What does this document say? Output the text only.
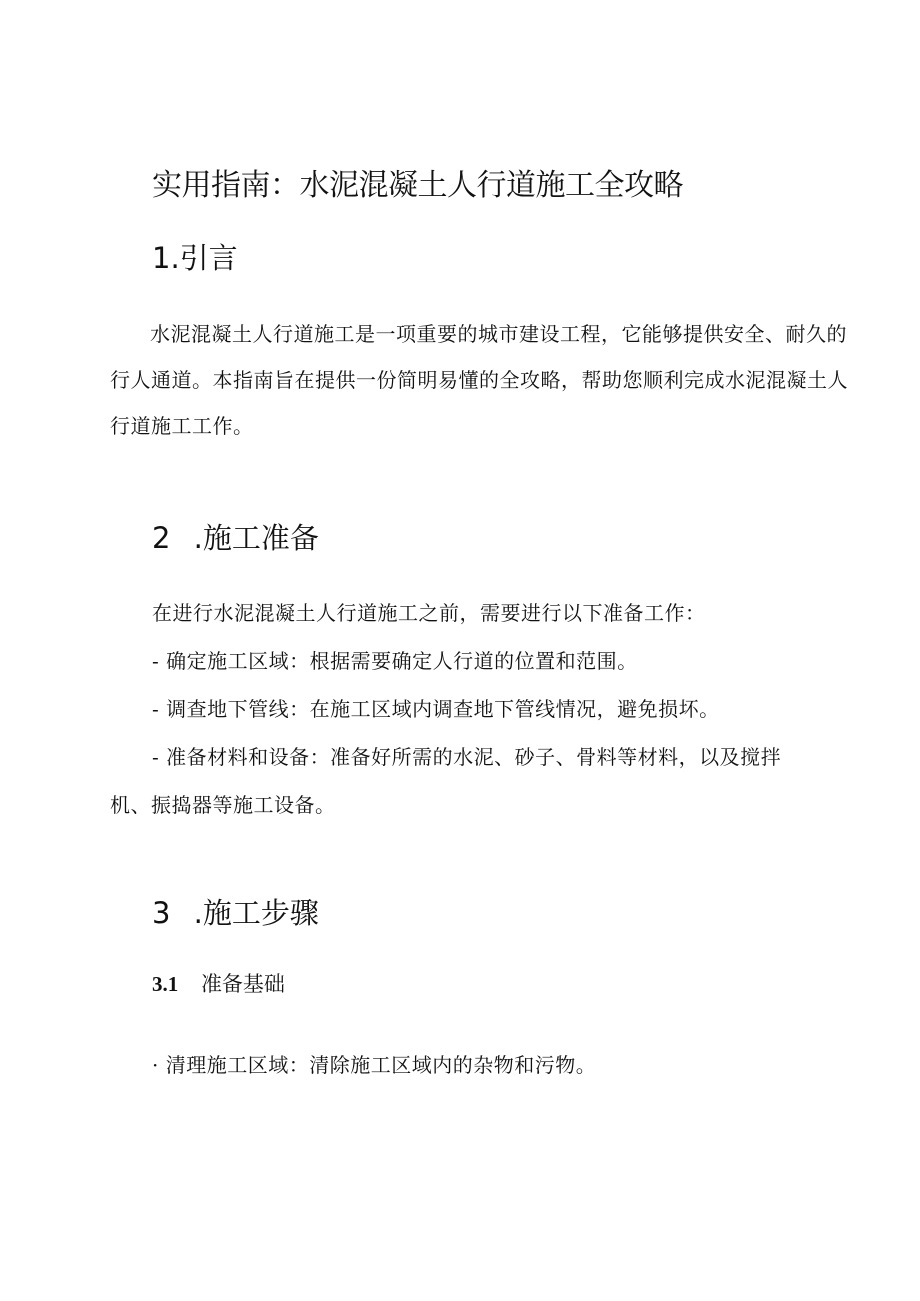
实用指南：水泥混凝土人行道施工全攻略
1.引言
水泥混凝土人行道施工是一项重要的城市建设工程，它能够提供安全、耐久的行人通道。本指南旨在提供一份简明易懂的全攻略，帮助您顺利完成水泥混凝土人行道施工工作。
2 .施工准备
在进行水泥混凝土人行道施工之前，需要进行以下准备工作：
- 确定施工区域：根据需要确定人行道的位置和范围。
- 调查地下管线：在施工区域内调查地下管线情况，避免损坏。
- 准备材料和设备：准备好所需的水泥、砂子、骨料等材料，以及搅拌
机、振捣器等施工设备。
3 .施工步骤
3.1 准备基础
· 清理施工区域：清除施工区域内的杂物和污物。
